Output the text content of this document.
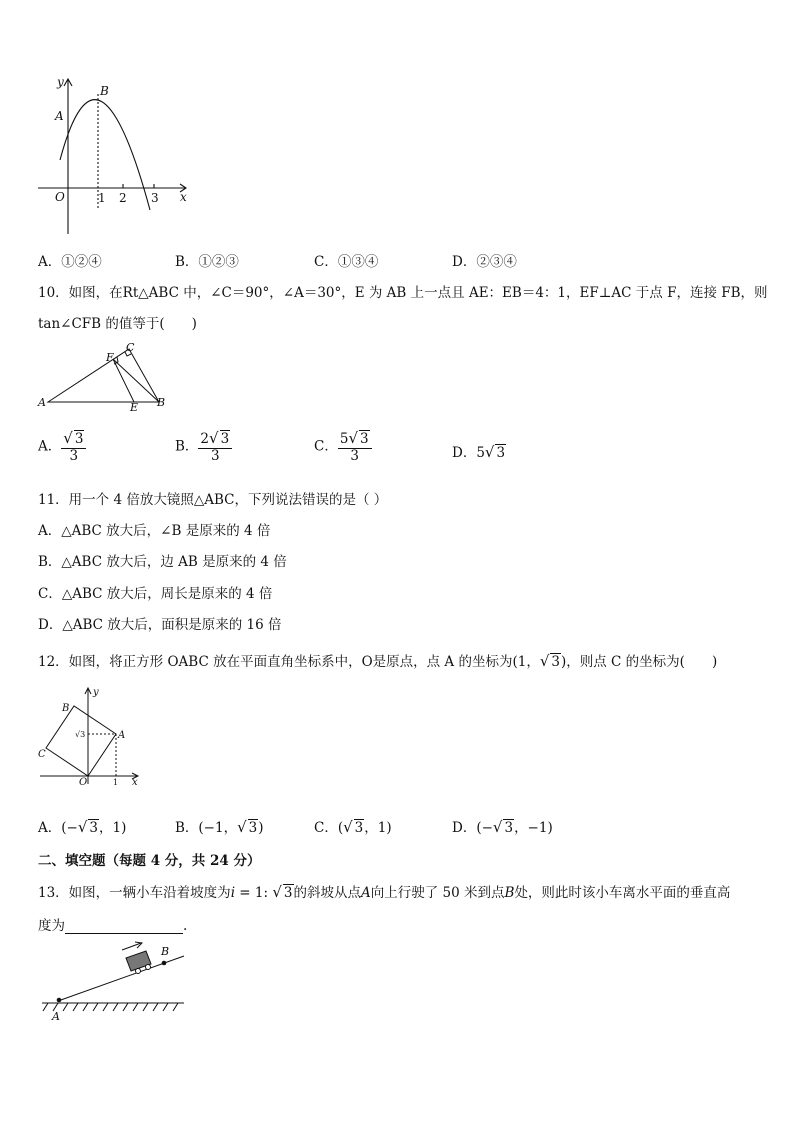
y
x
O
A
B
1 2 3
A．①②④	B．①②③	C．①③④	D．②③④
10．如图，在Rt△ABC 中，∠C＝90°，∠A＝30°，E 为 AB 上一点且 AE：EB＝4：1，EF⊥AC 于点 F，连接 FB，则
tan∠CFB 的值等于(　　)
A	B
C
E
F
A． $\frac{√ 3}{3}$	B． $\frac{2√ 3}{3}$	C． $\frac{5√ 3}{3}$	D．5√ 3
11．用一个 4 倍放大镜照△ABC，下列说法错误的是（ ）
A．△ABC 放大后，∠B 是原来的 4 倍
B．△ABC 放大后，边 AB 是原来的 4 倍
C．△ABC 放大后，周长是原来的 4 倍
D．△ABC 放大后，面积是原来的 16 倍
12．如图，将正方形 OABC 放在平面直角坐标系中，O是原点，点 A 的坐标为(1，√ 3)，则点 C 的坐标为(　　)
y
x
O
A
B
C
√3
1
A．(−√ 3，1)	B．(−1，√ 3)	C．(√ 3，1)	D．(−√ 3，−1)
二、填空题（每题 4 分，共 24 分）
13．如图，一辆小车沿着坡度为i = 1: √ 3的斜坡从点A向上行驶了 50 米到点B处，则此时该小车离水平面的垂直高
度为	.
A
B
